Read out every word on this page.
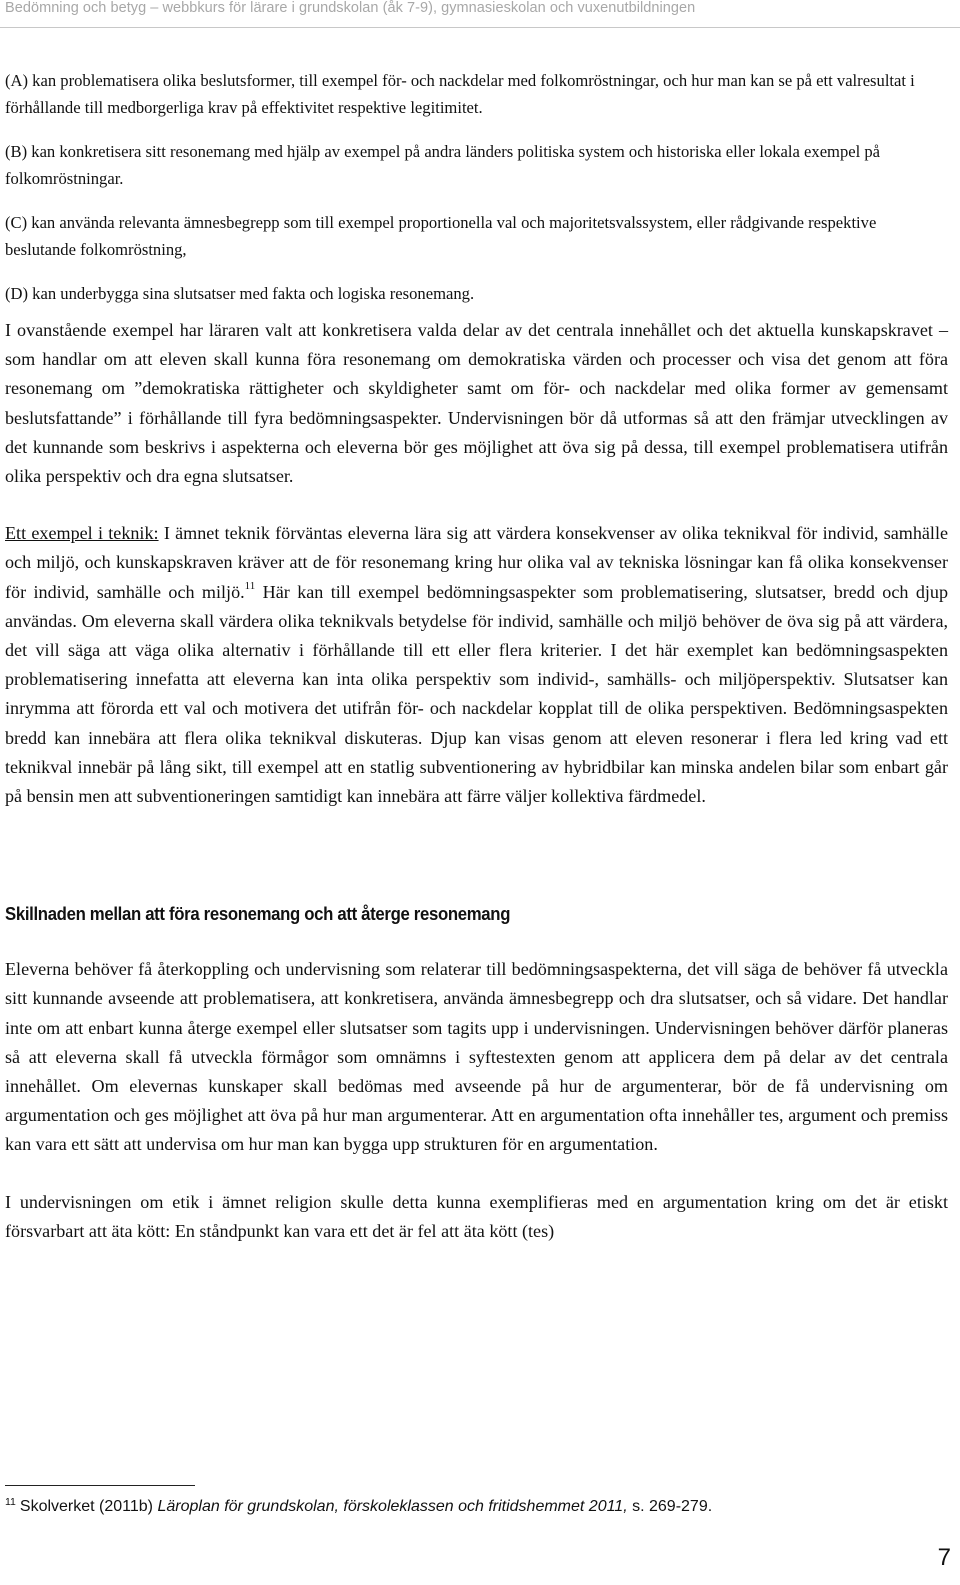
Bedömning och betyg – webbkurs för lärare i grundskolan (åk 7-9), gymnasieskolan och vuxenutbildningen

(A) kan problematisera olika beslutsformer, till exempel för- och nackdelar med folkomröstningar, och hur man kan se på ett valresultat i förhållande till medborgerliga krav på effektivitet respektive legitimitet.

(B) kan konkretisera sitt resonemang med hjälp av exempel på andra länders politiska system och historiska eller lokala exempel på folkomröstningar.

(C) kan använda relevanta ämnesbegrepp som till exempel proportionella val och majoritetsvalssystem, eller rådgivande respektive beslutande folkomröstning,

(D) kan underbygga sina slutsatser med fakta och logiska resonemang.

I ovanstående exempel har läraren valt att konkretisera valda delar av det centrala innehållet och det aktuella kunskapskravet – som handlar om att eleven skall kunna föra resonemang om demokratiska värden och processer och visa det genom att föra resonemang om ”demokratiska rättigheter och skyldigheter samt om för- och nackdelar med olika former av gemensamt beslutsfattande” i förhållande till fyra bedömningsaspekter. Undervisningen bör då utformas så att den främjar utvecklingen av det kunnande som beskrivs i aspekterna och eleverna bör ges möjlighet att öva sig på dessa, till exempel problematisera utifrån olika perspektiv och dra egna slutsatser.

Ett exempel i teknik: I ämnet teknik förväntas eleverna lära sig att värdera konsekvenser av olika teknikval för individ, samhälle och miljö, och kunskapskraven kräver att de för resonemang kring hur olika val av tekniska lösningar kan få olika konsekvenser för individ, samhälle och miljö.$^{11}$ Här kan till exempel bedömningsaspekter som problematisering, slutsatser, bredd och djup användas. Om eleverna skall värdera olika teknikvals betydelse för individ, samhälle och miljö behöver de öva sig på att värdera, det vill säga att väga olika alternativ i förhållande till ett eller flera kriterier. I det här exemplet kan bedömningsaspekten problematisering innefatta att eleverna kan inta olika perspektiv som individ-, samhälls- och miljöperspektiv. Slutsatser kan inrymma att förorda ett val och motivera det utifrån för- och nackdelar kopplat till de olika perspektiven. Bedömningsaspekten bredd kan innebära att flera olika teknikval diskuteras. Djup kan visas genom att eleven resonerar i flera led kring vad ett teknikval innebär på lång sikt, till exempel att en statlig subventionering av hybridbilar kan minska andelen bilar som enbart går på bensin men att subventioneringen samtidigt kan innebära att färre väljer kollektiva färdmedel.

Skillnaden mellan att föra resonemang och att återge resonemang

Eleverna behöver få återkoppling och undervisning som relaterar till bedömningsaspekterna, det vill säga de behöver få utveckla sitt kunnande avseende att problematisera, att konkretisera, använda ämnesbegrepp och dra slutsatser, och så vidare. Det handlar inte om att enbart kunna återge exempel eller slutsatser som tagits upp i undervisningen. Undervisningen behöver därför planeras så att eleverna skall få utveckla förmågor som omnämns i syftestexten genom att applicera dem på delar av det centrala innehållet. Om elevernas kunskaper skall bedömas med avseende på hur de argumenterar, bör de få undervisning om argumentation och ges möjlighet att öva på hur man argumenterar. Att en argumentation ofta innehåller tes, argument och premiss kan vara ett sätt att undervisa om hur man kan bygga upp strukturen för en argumentation.

I undervisningen om etik i ämnet religion skulle detta kunna exemplifieras med en argumentation kring om det är etiskt försvarbart att äta kött: En ståndpunkt kan vara ett det är fel att äta kött (tes)

$^{11}$ Skolverket (2011b) Läroplan för grundskolan, förskoleklassen och fritidshemmet 2011, s. 269-279.
7
